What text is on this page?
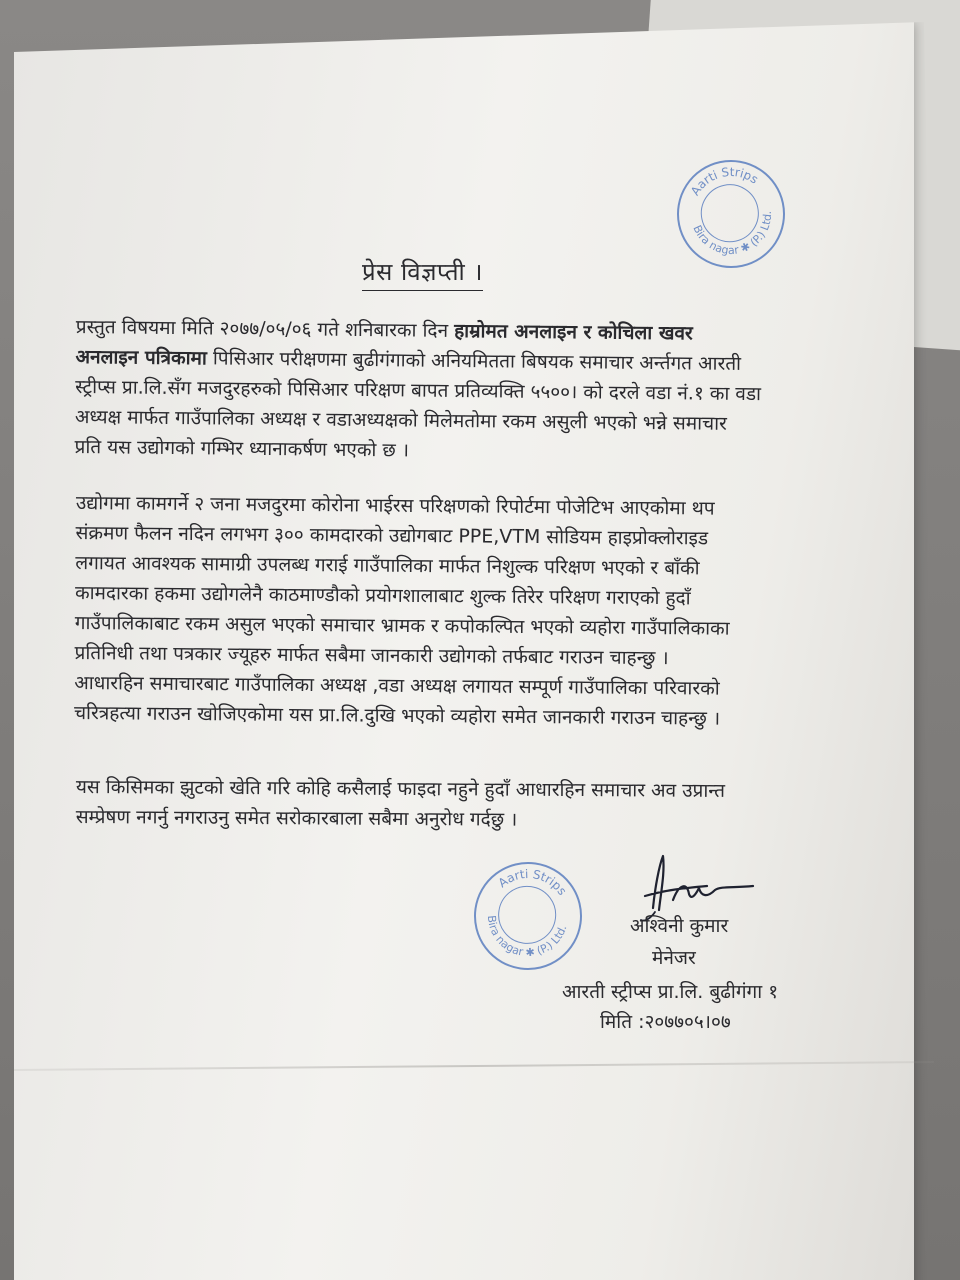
Aarti Strips
Bira nagar ✱ (P.) Ltd.
प्रेस विज्ञप्ती ।
प्रस्तुत विषयमा मिति २०७७/०५/०६ गते शनिबारका दिन हाम्रोमत अनलाइन र कोचिला खवर
अनलाइन पत्रिकामा पिसिआर परीक्षणमा बुढीगंगाको अनियमितता बिषयक समाचार अर्न्तगत आरती
स्ट्रीप्स प्रा.लि.सँग मजदुरहरुको पिसिआर परिक्षण बापत प्रतिव्यक्ति ५५००। को दरले वडा नं.१ का वडा
अध्यक्ष मार्फत गाउँपालिका अध्यक्ष र वडाअध्यक्षको मिलेमतोमा रकम असुली भएको भन्ने समाचार
प्रति यस उद्योगको गम्भिर ध्यानाकर्षण भएको छ ।
उद्योगमा कामगर्ने २ जना मजदुरमा कोरोना भाईरस परिक्षणको रिपोर्टमा पोजेटिभ आएकोमा थप
संक्रमण फैलन नदिन लगभग ३०० कामदारको उद्योगबाट PPE,VTM सोडियम हाइप्रोक्लोराइड
लगायत आवश्यक सामाग्री उपलब्ध गराई गाउँपालिका मार्फत निशुल्क परिक्षण भएको र बाँकी
कामदारका हकमा उद्योगलेनै काठमाण्डौको प्रयोगशालाबाट शुल्क तिरेर परिक्षण गराएको हुदाँ
गाउँपालिकाबाट रकम असुल भएको समाचार भ्रामक र कपोकल्पित भएको व्यहोरा गाउँपालिकाका
प्रतिनिधी तथा पत्रकार ज्यूहरु मार्फत सबैमा जानकारी उद्योगको तर्फबाट गराउन चाहन्छु ।
आधारहिन समाचारबाट गाउँपालिका अध्यक्ष ,वडा अध्यक्ष लगायत सम्पूर्ण गाउँपालिका परिवारको
चरित्रहत्या गराउन खोजिएकोमा यस प्रा.लि.दुखि भएको व्यहोरा समेत जानकारी गराउन चाहन्छु ।
यस किसिमका झुटको खेति गरि कोहि कसैलाई फाइदा नहुने हुदाँ आधारहिन समाचार अव उप्रान्त
सम्प्रेषण नगर्नु नगराउनु समेत सरोकारबाला सबैमा अनुरोध गर्दछु ।
Aarti Strips
Bira nagar ✱ (P.) Ltd.	अश्विनी कुमार
मेनेजर
आरती स्ट्रीप्स प्रा.लि. बुढीगंगा १
मिति :२०७७०५।०७
